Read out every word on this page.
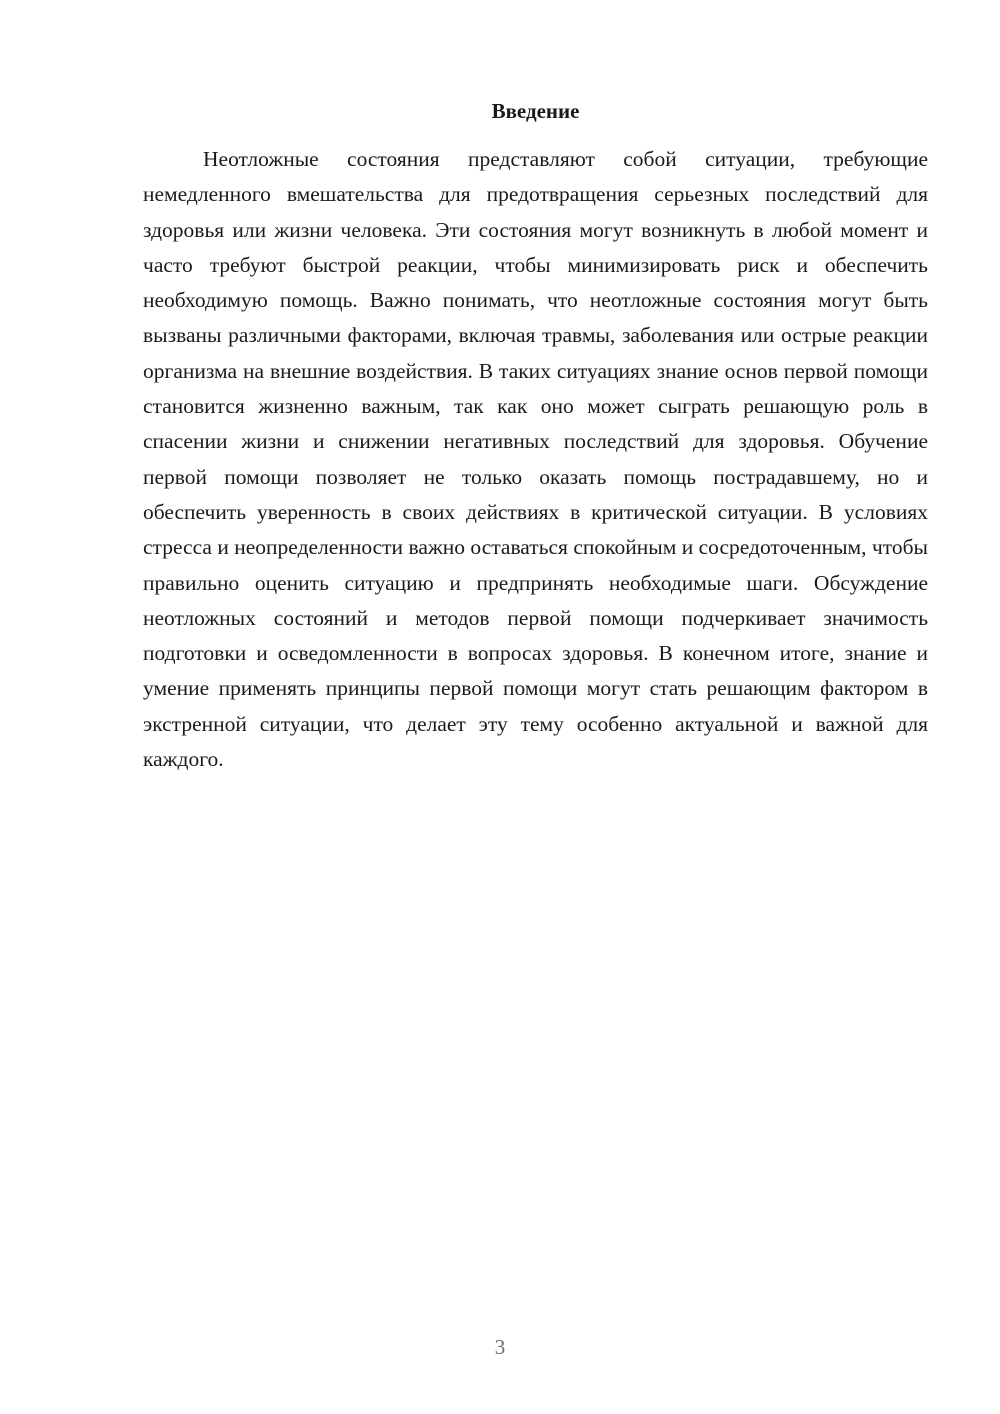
Введение

Неотложные состояния представляют собой ситуации, требующие немедленного вмешательства для предотвращения серьезных последствий для здоровья или жизни человека. Эти состояния могут возникнуть в любой момент и часто требуют быстрой реакции, чтобы минимизировать риск и обеспечить необходимую помощь. Важно понимать, что неотложные состояния могут быть вызваны различными факторами, включая травмы, заболевания или острые реакции организма на внешние воздействия. В таких ситуациях знание основ первой помощи становится жизненно важным, так как оно может сыграть решающую роль в спасении жизни и снижении негативных последствий для здоровья. Обучение первой помощи позволяет не только оказать помощь пострадавшему, но и обеспечить уверенность в своих действиях в критической ситуации. В условиях стресса и неопределенности важно оставаться спокойным и сосредоточенным, чтобы правильно оценить ситуацию и предпринять необходимые шаги. Обсуждение неотложных состояний и методов первой помощи подчеркивает значимость подготовки и осведомленности в вопросах здоровья. В конечном итоге, знание и умение применять принципы первой помощи могут стать решающим фактором в экстренной ситуации, что делает эту тему особенно актуальной и важной для каждого.

3
